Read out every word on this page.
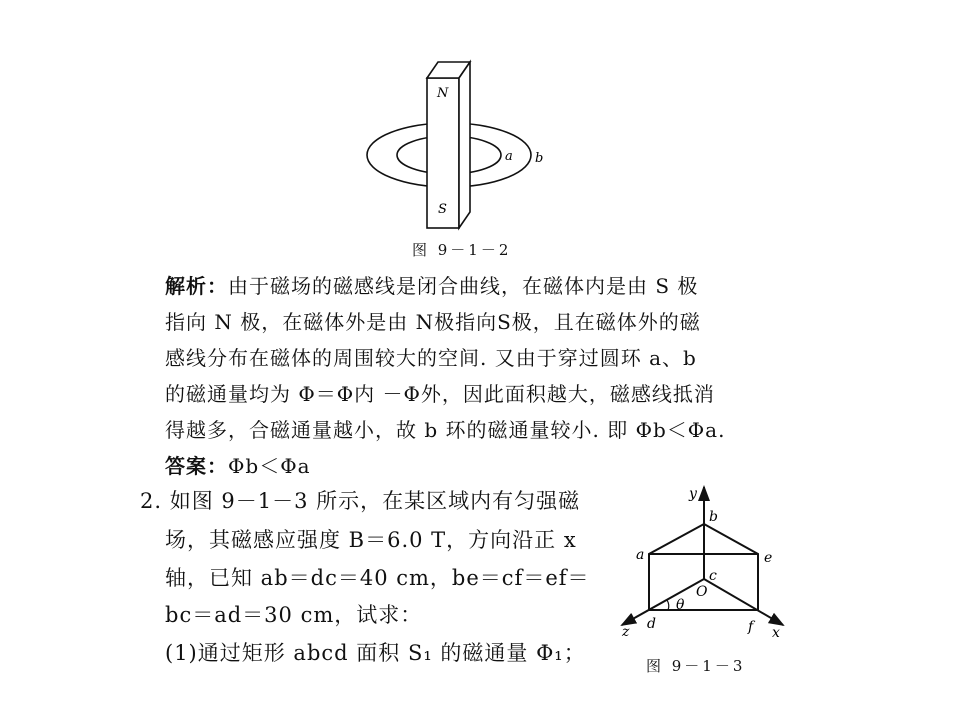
N
S
a b
图 9－1－2
解析：由于磁场的磁感线是闭合曲线，在磁体内是由 S 极
指向 N 极，在磁体外是由 N极指向S极，且在磁体外的磁
感线分布在磁体的周围较大的空间. 又由于穿过圆环 a、b
的磁通量均为 Φ＝Φ内 －Φ外，因此面积越大，磁感线抵消
得越多，合磁通量越小，故 b 环的磁通量较小. 即 Φb＜Φa.
答案：Φb＜Φa
2. 如图 9－1－3 所示，在某区域内有匀强磁
场，其磁感应强度 B＝6.0 T，方向沿正 x
轴，已知 ab＝dc＝40 cm，be＝cf＝ef＝
bc＝ad＝30 cm，试求：
(1)通过矩形 abcd 面积 S₁ 的磁通量 Φ₁；
y
b
a	e
c
O
θ
d	f
z	x
图 9－1－3
